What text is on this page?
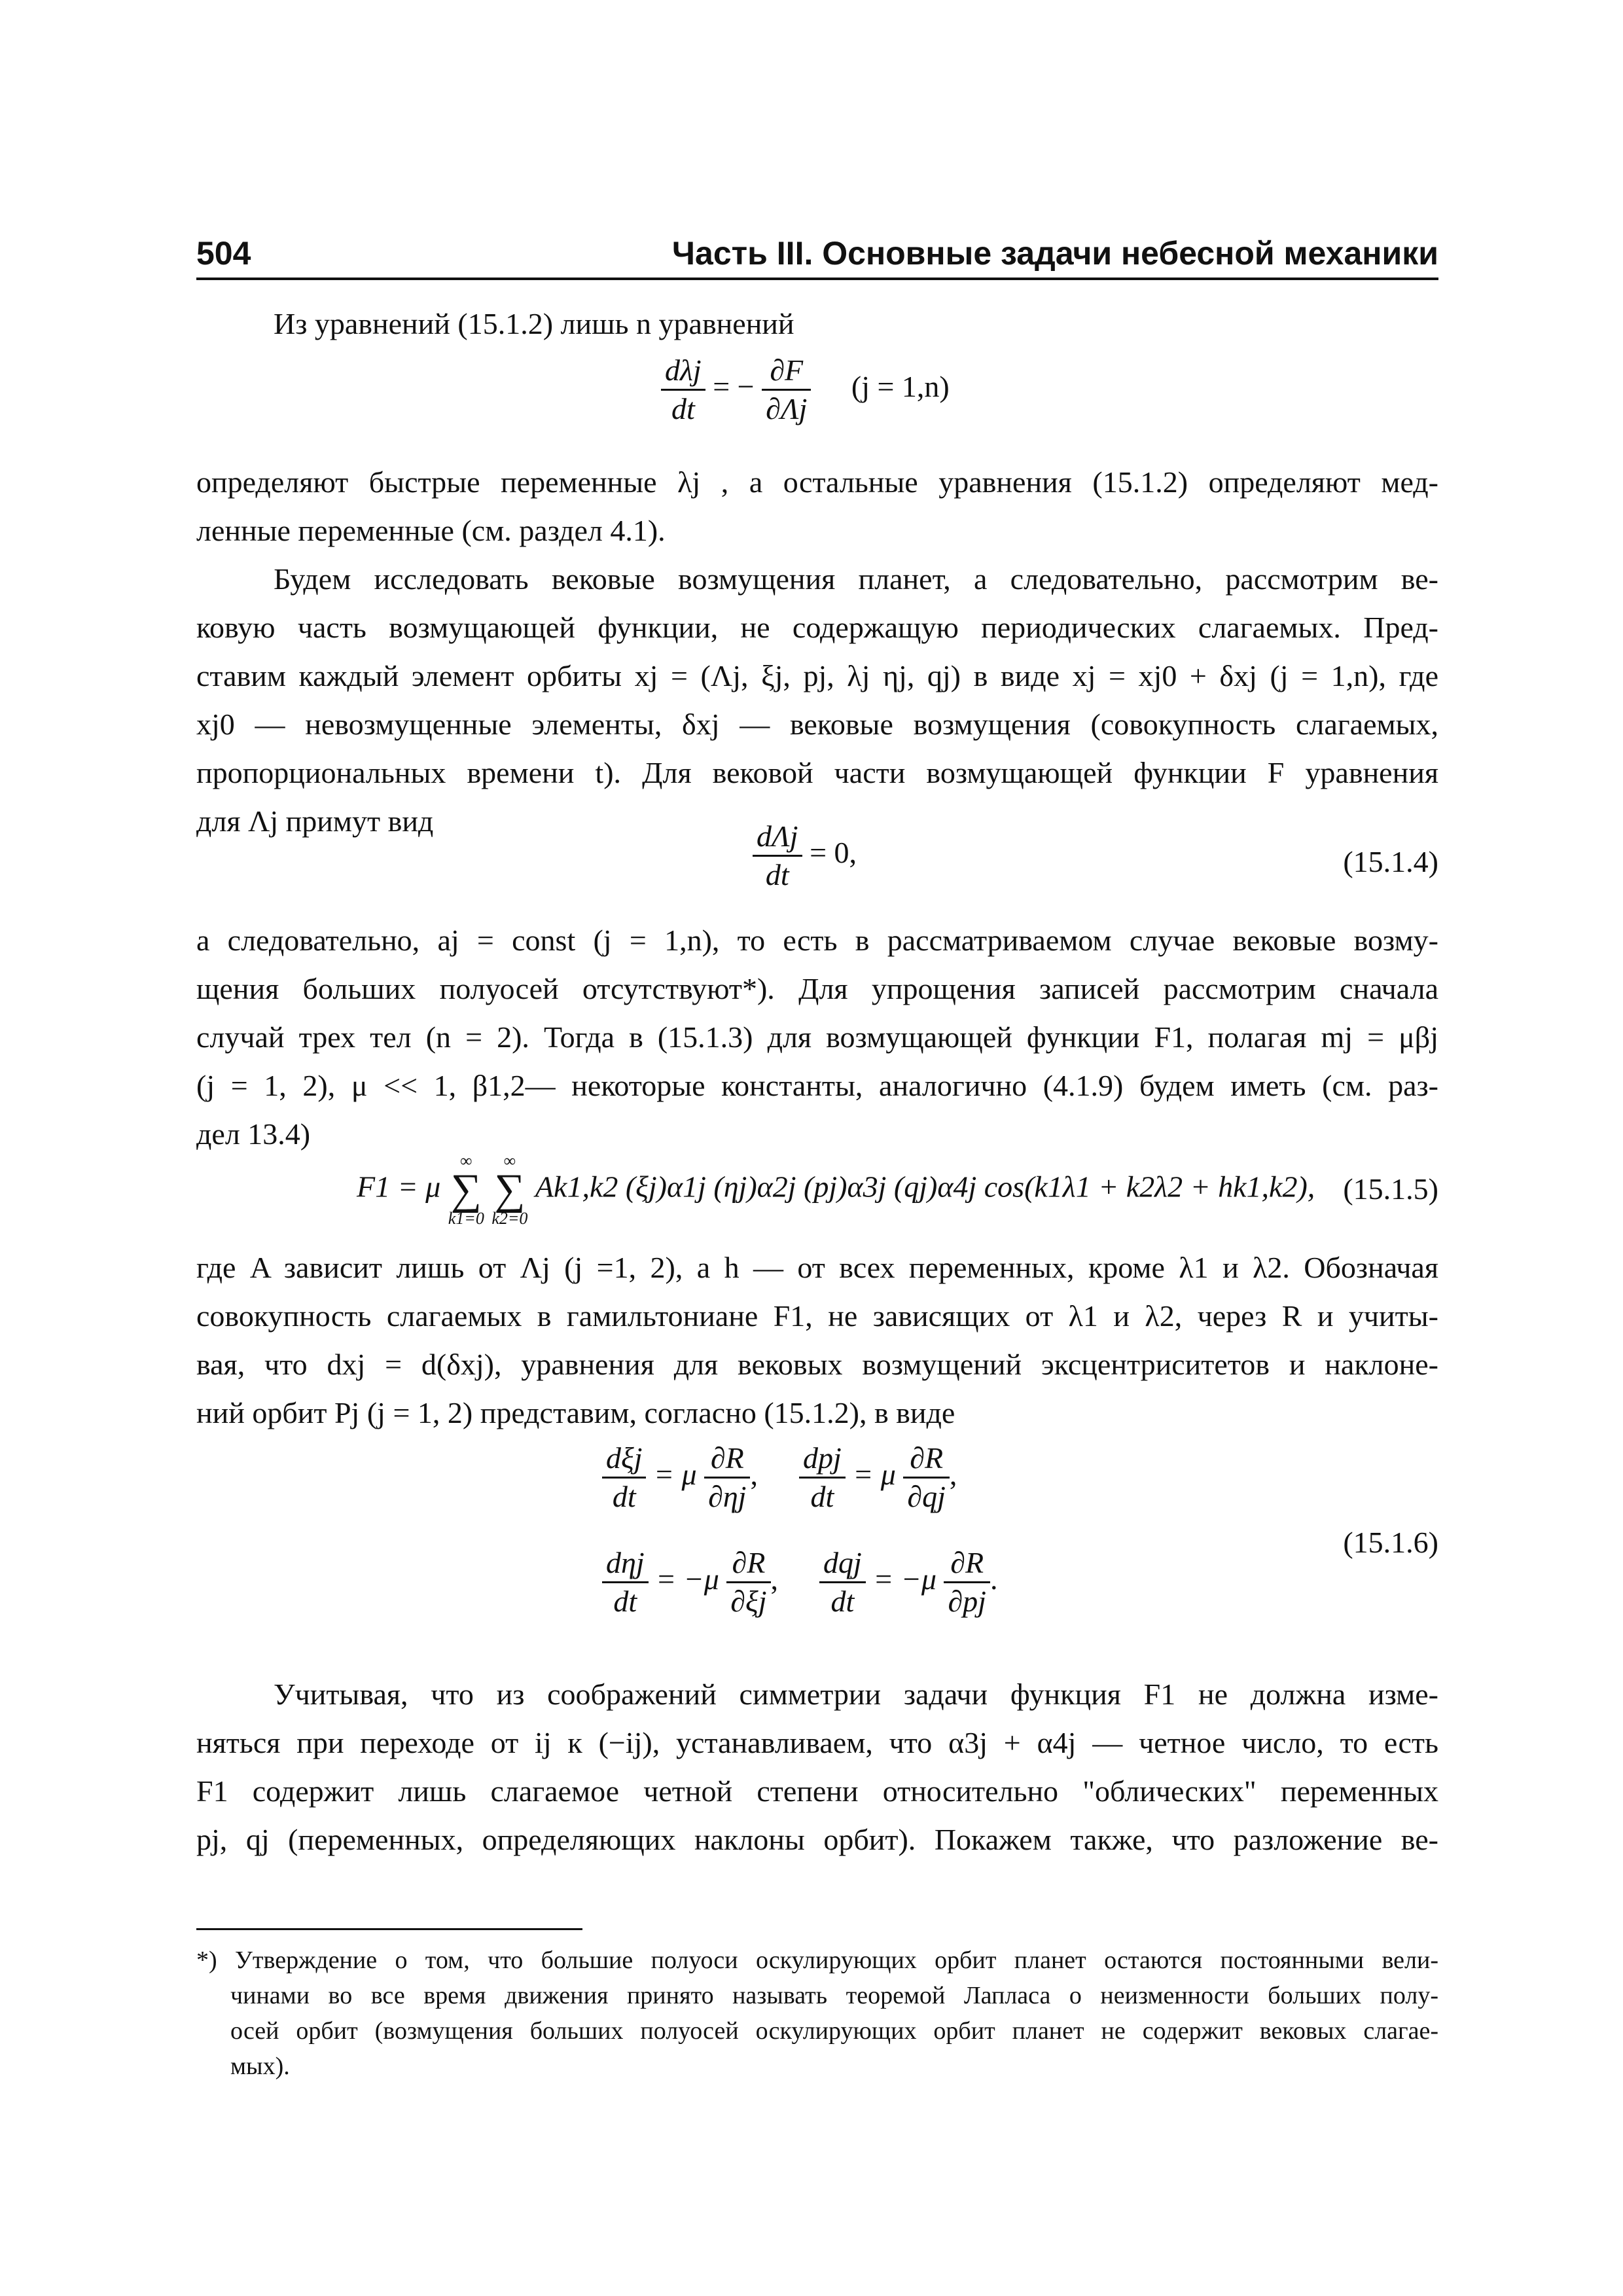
504	Часть III. Основные задачи небесной механики
Из уравнений (15.1.2) лишь n уравнений
$\frac{\text{dλj}}{dt}$ = − $\frac{\partial F}{\partial\Lambda j} (j = 1,n)$
определяют быстрые переменные λj , а остальные уравнения (15.1.2) определяют мед-
ленные переменные (см. раздел 4.1).
Будем исследовать вековые возмущения планет, а следовательно, рассмотрим ве-
ковую часть возмущающей функции, не содержащую периодических слагаемых. Пред-
ставим каждый элемент орбиты xj = (Λj, ξj, pj, λj ηj, qj) в виде xj = xj0 + δxj (j = 1,n), где
xj0 — невозмущенные элементы, δxj — вековые возмущения (совокупность слагаемых,
пропорциональных времени t). Для вековой части возмущающей функции F уравнения
для Λj примут вид	$\frac{\text{dΛj}}{dt} = 0$,	(15.1.4)
а следовательно, aj = const (j = 1,n), то есть в рассматриваемом случае вековые возму-
щения больших полуосей отсутствуют*). Для упрощения записей рассмотрим сначала
случай трех тел (n = 2). Тогда в (15.1.3) для возмущающей функции F1, полагая mj = μβj
(j = 1, 2), μ << 1, β1,2— некоторые константы, аналогично (4.1.9) будем иметь (см. раз-
дел 13.4)
F1 = μ
∞
∑
k1=0

∞
∑
k2=0
Ak1,k2 (ξj)α1j (ηj)α2j (pj)α3j (qj)α4j cos(k1λ1 + k2λ2 + hk1,k2), (15.1.5)
где A зависит лишь от Λj (j =1, 2), а h — от всех переменных, кроме λ1 и λ2. Обозначая
совокупность слагаемых в гамильтониане F1, не зависящих от λ1 и λ2, через R и учиты-
вая, что dxj = d(δxj), уравнения для вековых возмущений эксцентриситетов и наклоне-
ний орбит Pj (j = 1, 2) представим, согласно (15.1.2), в виде
$\frac{\text{dξj}}{dt} = \mu \frac{\partial R}{\partial\eta j}$ , $\frac{\text{dpj}}{dt} = \mu \frac{\partial R}{\partial qj}$ ,
$\frac{\text{dηj}}{dt} = -\mu \frac{\partial R}{\partial\xi j}$ , $\frac{\text{dqj}}{dt} = -\mu \frac{\partial R}{\partial pj}$ .
(15.1.6)
Учитывая, что из соображений симметрии задачи функция F1 не должна изме-
няться при переходе от ij к (−ij), устанавливаем, что α3j + α4j — четное число, то есть
F1 содержит лишь слагаемое четной степени относительно "облических" переменных
pj, qj (переменных, определяющих наклоны орбит). Покажем также, что разложение ве-
*) Утверждение о том, что большие полуоси оскулирующих орбит планет остаются постоянными вели-
чинами во все время движения принято называть теоремой Лапласа о неизменности больших полу-
осей орбит (возмущения больших полуосей оскулирующих орбит планет не содержит вековых слагае-
мых).
